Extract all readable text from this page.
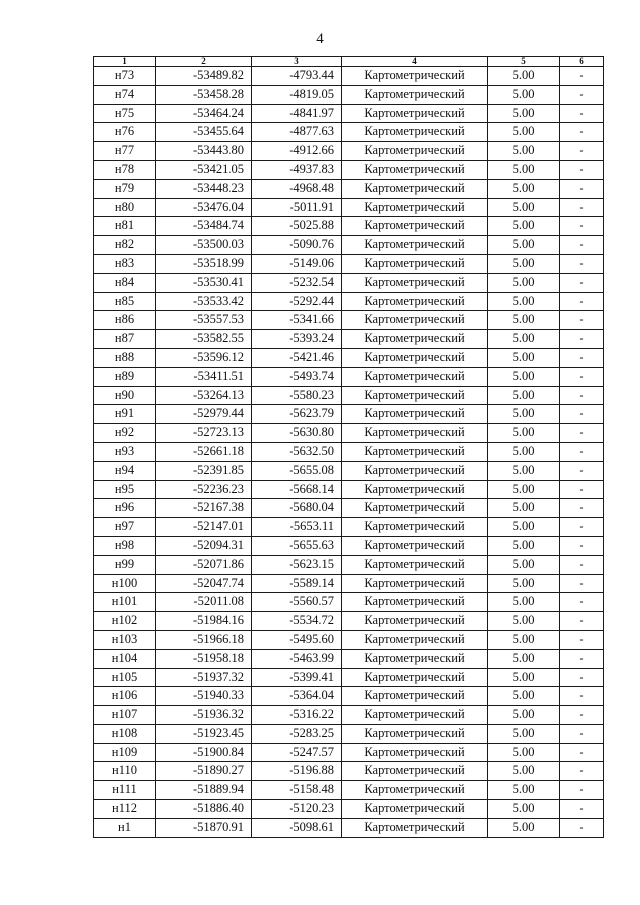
4
1	2	3	4	5	6
н73	-53489.82	-4793.44	Картометрический	5.00	-
н74	-53458.28	-4819.05	Картометрический	5.00	-
н75	-53464.24	-4841.97	Картометрический	5.00	-
н76	-53455.64	-4877.63	Картометрический	5.00	-
н77	-53443.80	-4912.66	Картометрический	5.00	-
н78	-53421.05	-4937.83	Картометрический	5.00	-
н79	-53448.23	-4968.48	Картометрический	5.00	-
н80	-53476.04	-5011.91	Картометрический	5.00	-
н81	-53484.74	-5025.88	Картометрический	5.00	-
н82	-53500.03	-5090.76	Картометрический	5.00	-
н83	-53518.99	-5149.06	Картометрический	5.00	-
н84	-53530.41	-5232.54	Картометрический	5.00	-
н85	-53533.42	-5292.44	Картометрический	5.00	-
н86	-53557.53	-5341.66	Картометрический	5.00	-
н87	-53582.55	-5393.24	Картометрический	5.00	-
н88	-53596.12	-5421.46	Картометрический	5.00	-
н89	-53411.51	-5493.74	Картометрический	5.00	-
н90	-53264.13	-5580.23	Картометрический	5.00	-
н91	-52979.44	-5623.79	Картометрический	5.00	-
н92	-52723.13	-5630.80	Картометрический	5.00	-
н93	-52661.18	-5632.50	Картометрический	5.00	-
н94	-52391.85	-5655.08	Картометрический	5.00	-
н95	-52236.23	-5668.14	Картометрический	5.00	-
н96	-52167.38	-5680.04	Картометрический	5.00	-
н97	-52147.01	-5653.11	Картометрический	5.00	-
н98	-52094.31	-5655.63	Картометрический	5.00	-
н99	-52071.86	-5623.15	Картометрический	5.00	-
н100	-52047.74	-5589.14	Картометрический	5.00	-
н101	-52011.08	-5560.57	Картометрический	5.00	-
н102	-51984.16	-5534.72	Картометрический	5.00	-
н103	-51966.18	-5495.60	Картометрический	5.00	-
н104	-51958.18	-5463.99	Картометрический	5.00	-
н105	-51937.32	-5399.41	Картометрический	5.00	-
н106	-51940.33	-5364.04	Картометрический	5.00	-
н107	-51936.32	-5316.22	Картометрический	5.00	-
н108	-51923.45	-5283.25	Картометрический	5.00	-
н109	-51900.84	-5247.57	Картометрический	5.00	-
н110	-51890.27	-5196.88	Картометрический	5.00	-
н111	-51889.94	-5158.48	Картометрический	5.00	-
н112	-51886.40	-5120.23	Картометрический	5.00	-
н1	-51870.91	-5098.61	Картометрический	5.00	-
